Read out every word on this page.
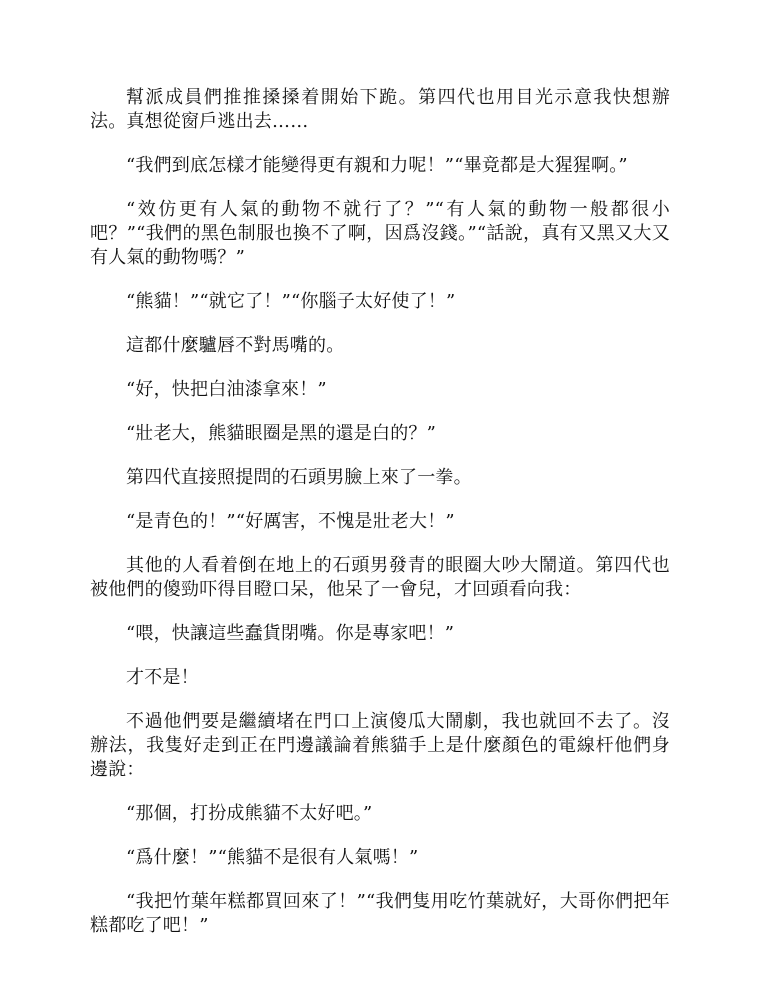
幫派成員們推推搡搡着開始下跪。第四代也用目光示意我快想辦法。真想從窗戶逃出去……

“我們到底怎樣才能變得更有親和力呢！”“畢竟都是大猩猩啊。”

“效仿更有人氣的動物不就行了？”“有人氣的動物一般都很小吧？”“我們的黑色制服也換不了啊，因爲沒錢。”“話說，真有又黑又大又有人氣的動物嗎？”

“熊貓！”“就它了！”“你腦子太好使了！”

這都什麼驢唇不對馬嘴的。

“好，快把白油漆拿來！”

“壯老大，熊貓眼圈是黑的還是白的？”

第四代直接照提問的石頭男臉上來了一拳。

“是青色的！”“好厲害，不愧是壯老大！”

其他的人看着倒在地上的石頭男發青的眼圈大吵大鬧道。第四代也被他們的傻勁吓得目瞪口呆，他呆了一會兒，才回頭看向我：

“喂，快讓這些蠢貨閉嘴。你是專家吧！”

才不是！

不過他們要是繼續堵在門口上演傻瓜大鬧劇，我也就回不去了。沒辦法，我隻好走到正在門邊議論着熊貓手上是什麼顏色的電線杆他們身邊說：

“那個，打扮成熊貓不太好吧。”

“爲什麼！”“熊貓不是很有人氣嗎！”

“我把竹葉年糕都買回來了！”“我們隻用吃竹葉就好，大哥你們把年糕都吃了吧！”
